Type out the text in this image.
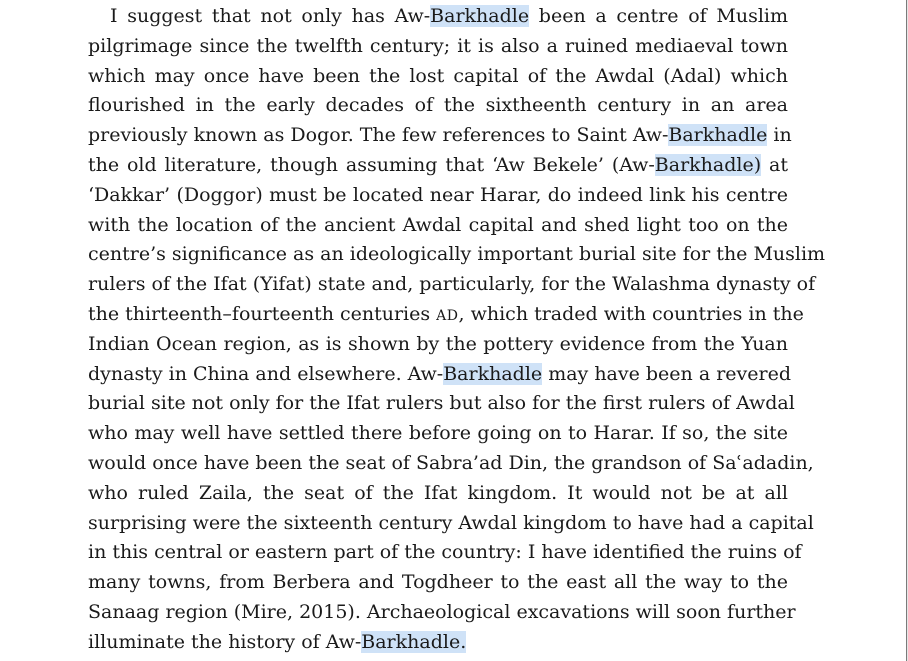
I suggest that not only has Aw-Barkhadle been a centre of Muslim
pilgrimage since the twelfth century; it is also a ruined mediaeval town
which may once have been the lost capital of the Awdal (Adal) which
flourished in the early decades of the sixtheenth century in an area
previously known as Dogor. The few references to Saint Aw-Barkhadle in
the old literature, though assuming that ‘Aw Bekele’ (Aw-Barkhadle) at
‘Dakkar’ (Doggor) must be located near Harar, do indeed link his centre
with the location of the ancient Awdal capital and shed light too on the
centre’s significance as an ideologically important burial site for the Muslim
rulers of the Ifat (Yifat) state and, particularly, for the Walashma dynasty of
the thirteenth–fourteenth centuries AD, which traded with countries in the
Indian Ocean region, as is shown by the pottery evidence from the Yuan
dynasty in China and elsewhere. Aw-Barkhadle may have been a revered
burial site not only for the Ifat rulers but also for the first rulers of Awdal
who may well have settled there before going on to Harar. If so, the site
would once have been the seat of Sabra’ad Din, the grandson of Saʿadadin,
who ruled Zaila, the seat of the Ifat kingdom. It would not be at all
surprising were the sixteenth century Awdal kingdom to have had a capital
in this central or eastern part of the country: I have identified the ruins of
many towns, from Berbera and Togdheer to the east all the way to the
Sanaag region (Mire, 2015). Archaeological excavations will soon further
illuminate the history of Aw-Barkhadle.
